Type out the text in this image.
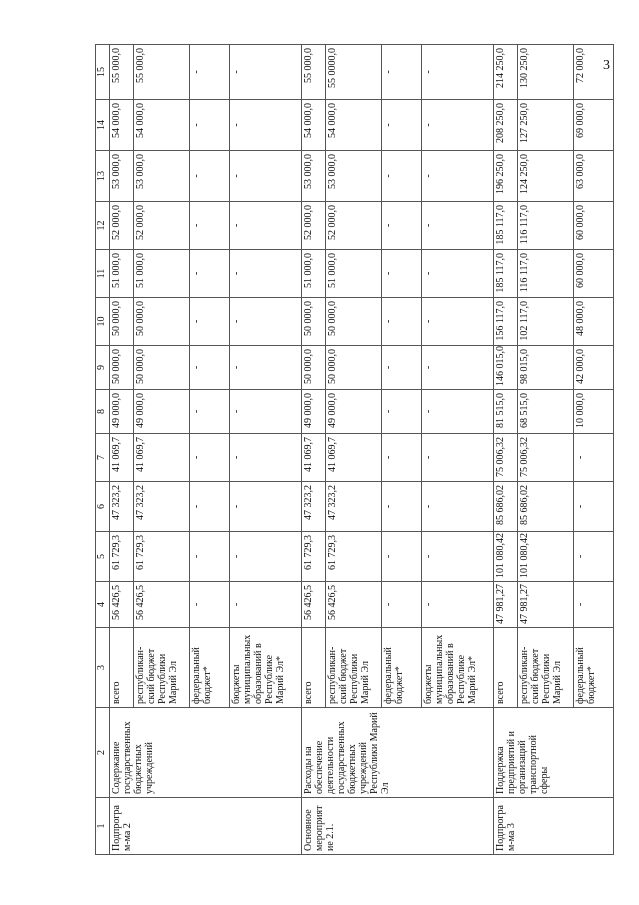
3
1	2	3	4	5	6	7	8	9	10	11	12	13	14	15
Подпрограм-ма 2	Содержание государственных бюджетных учреждений	всего	56 426,5	61 729,3	47 323,2	41 069,7	49 000,0	50 000,0	50 000,0	51 000,0	52 000,0	53 000,0	54 000,0	55 000,0
		республикан-ский бюджет Республики Марий Эл	56 426,5	61 729,3	47 323,2	41 069,7	49 000,0	50 000,0	50 000,0	51 000,0	52 000,0	53 000,0	54 000,0	55 000,0
		федеральный бюджет*	-	-	-	-	-	-	-	-	-	-	-	-
		бюджеты муниципальных образований в Республике Марий Эл*	-	-	-	-	-	-	-	-	-	-	-	-
Основное мероприятие 2.1.	Расходы на обеспечение деятельности государственных бюджетных учреждений Республики Марий Эл	всего	56 426,5	61 729,3	47 323,2	41 069,7	49 000,0	50 000,0	50 000,0	51 000,0	52 000,0	53 000,0	54 000,0	55 000,0
		республикан-ский бюджет Республики Марий Эл	56 426,5	61 729,3	47 323,2	41 069,7	49 000,0	50 000,0	50 000,0	51 000,0	52 000,0	53 000,0	54 000,0	55 0000,0
		федеральный бюджет*	-	-	-	-	-	-	-	-	-	-	-	-
		бюджеты муниципальных образований в Республике Марий Эл*	-	-	-	-	-	-	-	-	-	-	-	-
Подпрограм-ма 3	Поддержка предприятий и организаций транспортной сферы	всего	47 981,27	101 080,42	85 686,02	75 006,32	81 515,0	146 015,0	156 117,0	185 117,0	185 117,0	196 250,0	208 250,0	214 250,0
		республикан-ский бюджет Республики Марий Эл	47 981,27	101 080,42	85 686,02	75 006,32	68 515,0	98 015,0	102 117,0	116 117,0	116 117,0	124 250,0	127 250,0	130 250,0
		федеральный бюджет*	-	-	-	-	10 000,0	42 000,0	48 000,0	60 000,0	60 000,0	63 000,0	69 000,0	72 000,0
